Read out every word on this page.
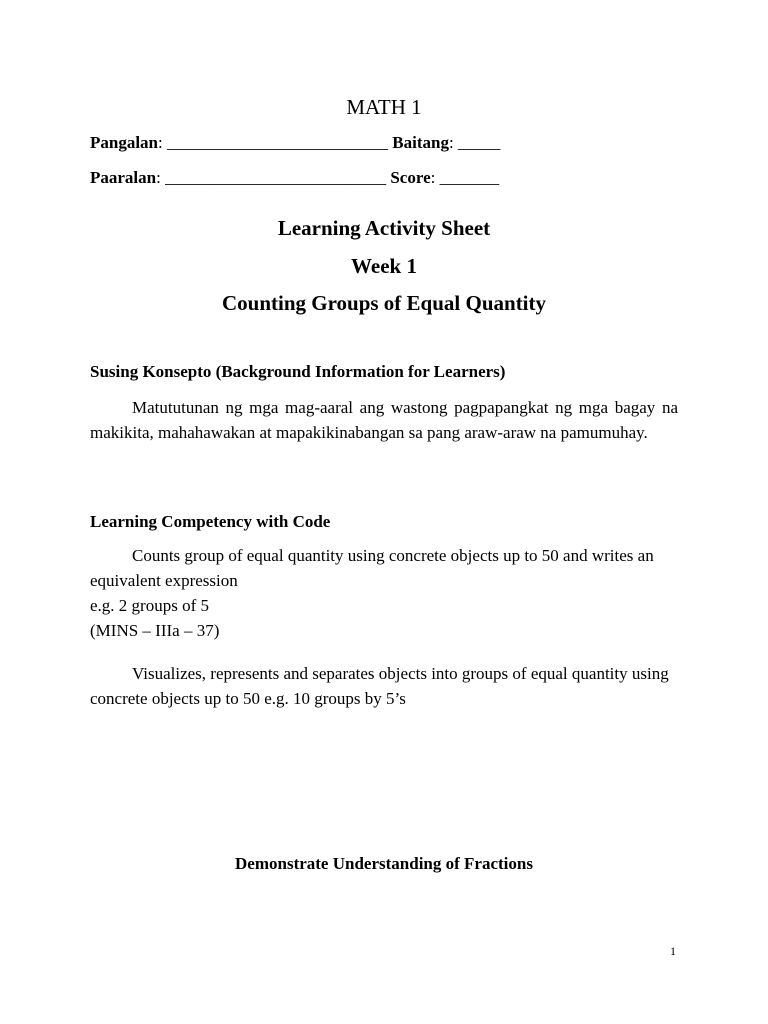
MATH 1
Pangalan: __________________________ Baitang: _____
Paaralan: __________________________ Score: _______
Learning Activity Sheet
Week 1
Counting Groups of Equal Quantity
Susing Konsepto (Background Information for Learners)
Matututunan ng mga mag-aaral ang wastong pagpapangkat ng mga bagay na makikita, mahahawakan at mapakikinabangan sa pang araw-araw na pamumuhay.
Learning Competency with Code
Counts group of equal quantity using concrete objects up to 50 and writes an equivalent expression
e.g. 2 groups of 5
(MINS – IIIa – 37)
Visualizes, represents and separates objects into groups of equal quantity using concrete objects up to 50 e.g. 10 groups by 5’s
Demonstrate Understanding of Fractions
1
